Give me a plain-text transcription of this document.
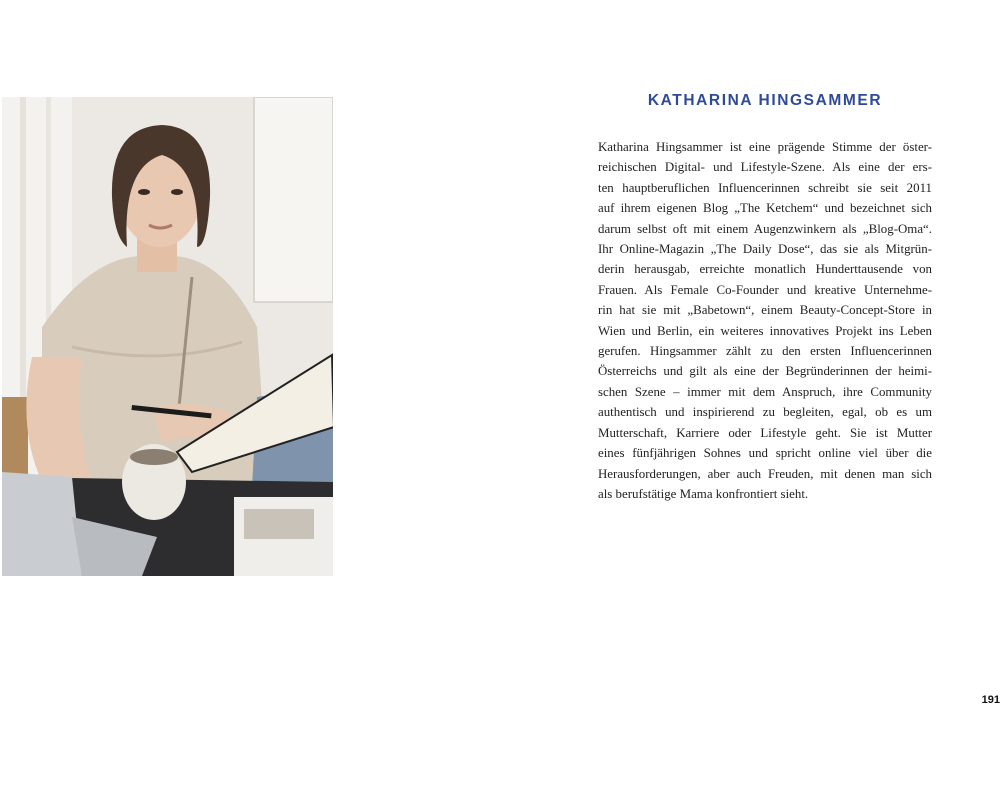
KATHARINA HINGSAMMER
Katharina Hingsammer ist eine prägende Stimme der öster-
reichischen Digital- und Lifestyle-Szene. Als eine der ers-
ten hauptberuflichen Influencerinnen schreibt sie seit 2011
auf ihrem eigenen Blog „The Ketchem“ und bezeichnet sich
darum selbst oft mit einem Augenzwinkern als „Blog-Oma“.
Ihr Online-Magazin „The Daily Dose“, das sie als Mitgrün-
derin herausgab, erreichte monatlich Hunderttausende von
Frauen. Als Female Co-Founder und kreative Unternehme-
rin hat sie mit „Babetown“, einem Beauty-Concept-Store in
Wien und Berlin, ein weiteres innovatives Projekt ins Leben
gerufen. Hingsammer zählt zu den ersten Influencerinnen
Österreichs und gilt als eine der Begründerinnen der heimi-
schen Szene – immer mit dem Anspruch, ihre Community
authentisch und inspirierend zu begleiten, egal, ob es um
Mutterschaft, Karriere oder Lifestyle geht. Sie ist Mutter
eines fünfjährigen Sohnes und spricht online viel über die
Herausforderungen, aber auch Freuden, mit denen man sich
als berufstätige Mama konfrontiert sieht.
191
